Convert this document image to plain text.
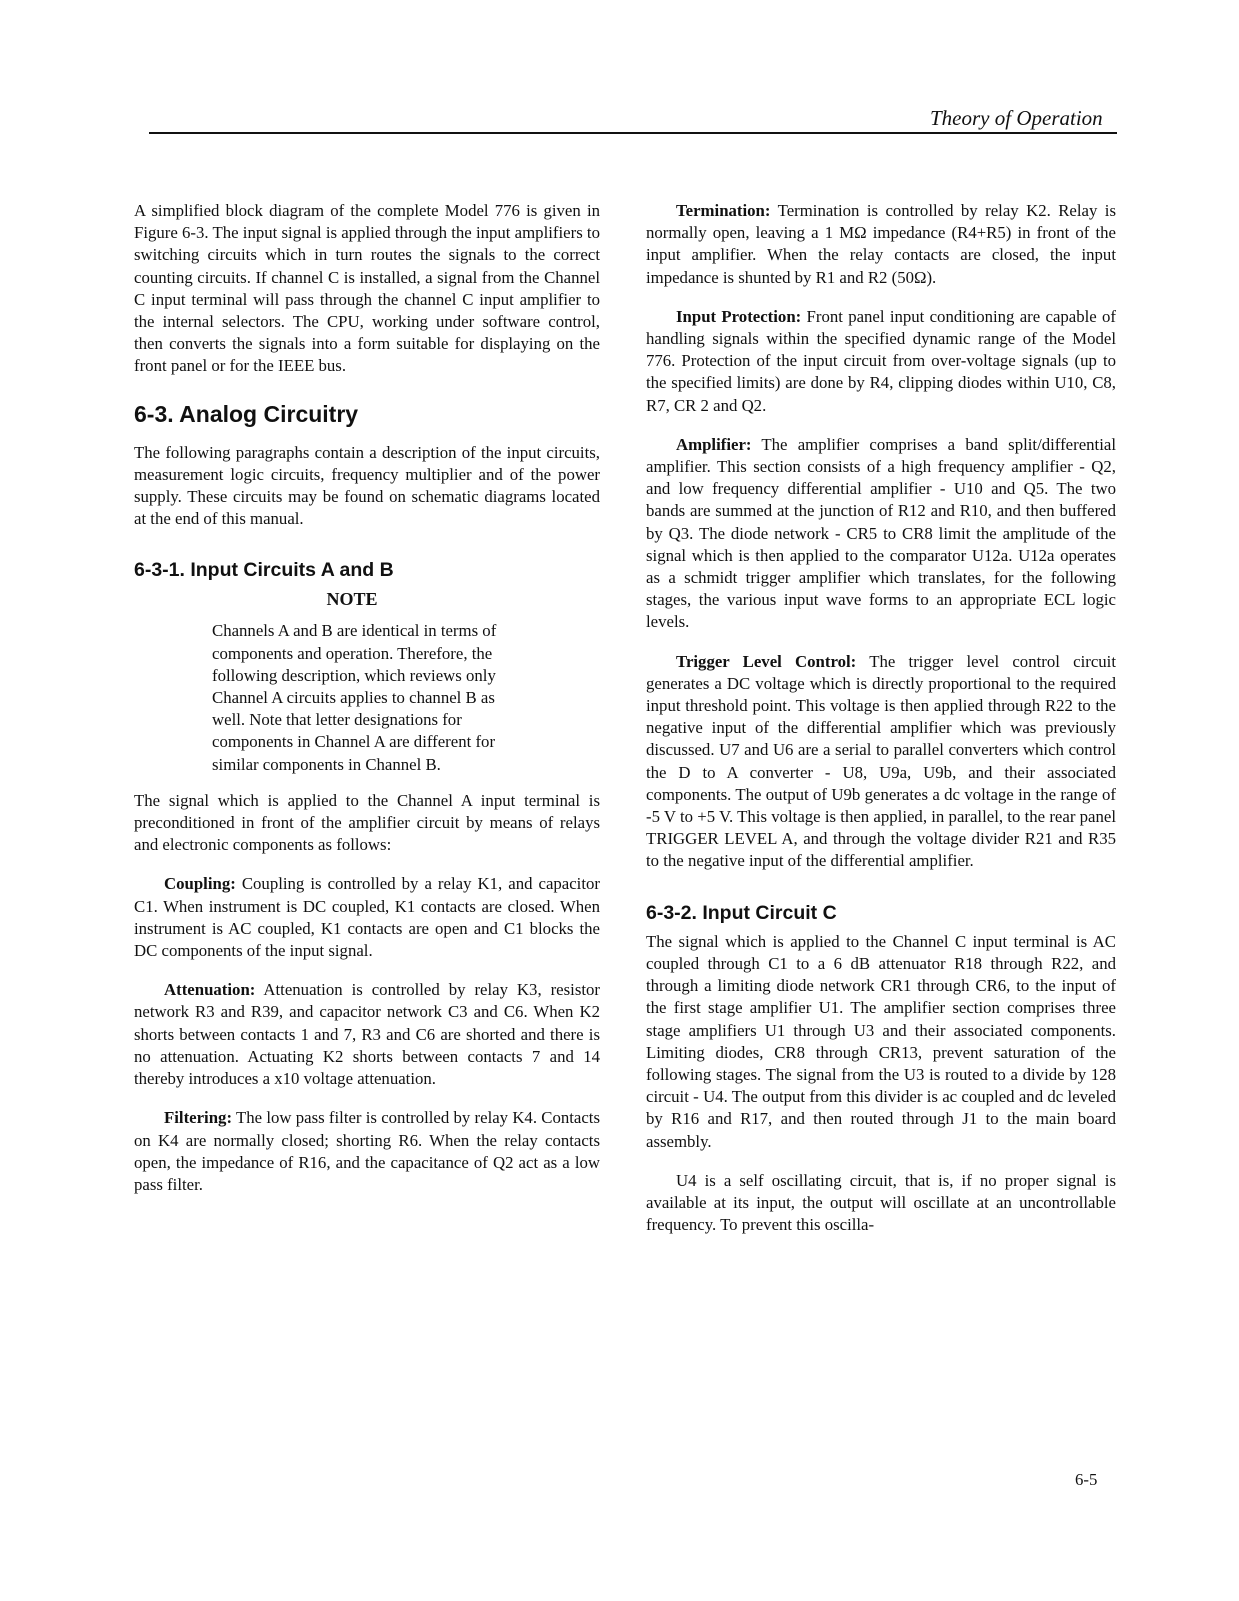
Theory of Operation

A simplified block diagram of the complete Model 776 is given in Figure 6-3. The input signal is applied through the input amplifiers to switching circuits which in turn routes the signals to the correct counting circuits. If channel C is installed, a signal from the Channel C input terminal will pass through the channel C input amplifier to the internal selectors. The CPU, working under software control, then converts the signals into a form suitable for displaying on the front panel or for the IEEE bus.

6-3. Analog Circuitry

The following paragraphs contain a description of the input circuits, measurement logic circuits, frequency multiplier and of the power supply. These circuits may be found on schematic diagrams located at the end of this manual.

6-3-1. Input Circuits A and B
NOTE
Channels A and B are identical in terms of components and operation. Therefore, the following description, which reviews only Channel A circuits applies to channel B as well. Note that letter designations for components in Channel A are different for similar components in Channel B.

The signal which is applied to the Channel A input terminal is preconditioned in front of the amplifier circuit by means of relays and electronic components as follows:

Coupling: Coupling is controlled by a relay K1, and capacitor C1. When instrument is DC coupled, K1 contacts are closed. When instrument is AC coupled, K1 contacts are open and C1 blocks the DC components of the input signal.

Attenuation: Attenuation is controlled by relay K3, resistor network R3 and R39, and capacitor network C3 and C6. When K2 shorts between contacts 1 and 7, R3 and C6 are shorted and there is no attenuation. Actuating K2 shorts between contacts 7 and 14 thereby introduces a x10 voltage attenuation.

Filtering: The low pass filter is controlled by relay K4. Contacts on K4 are normally closed; shorting R6. When the relay contacts open, the impedance of R16, and the capacitance of Q2 act as a low pass filter.

Termination: Termination is controlled by relay K2. Relay is normally open, leaving a 1 MΩ impedance (R4+R5) in front of the input amplifier. When the relay contacts are closed, the input impedance is shunted by R1 and R2 (50Ω).

Input Protection: Front panel input conditioning are capable of handling signals within the specified dynamic range of the Model 776. Protection of the input circuit from over-voltage signals (up to the specified limits) are done by R4, clipping diodes within U10, C8, R7, CR 2 and Q2.

Amplifier: The amplifier comprises a band split/differential amplifier. This section consists of a high frequency amplifier - Q2, and low frequency differential amplifier - U10 and Q5. The two bands are summed at the junction of R12 and R10, and then buffered by Q3. The diode network - CR5 to CR8 limit the amplitude of the signal which is then applied to the comparator U12a. U12a operates as a schmidt trigger amplifier which translates, for the following stages, the various input wave forms to an appropriate ECL logic levels.

Trigger Level Control: The trigger level control circuit generates a DC voltage which is directly proportional to the required input threshold point. This voltage is then applied through R22 to the negative input of the differential amplifier which was previously discussed. U7 and U6 are a serial to parallel converters which control the D to A converter - U8, U9a, U9b, and their associated components. The output of U9b generates a dc voltage in the range of -5 V to +5 V. This voltage is then applied, in parallel, to the rear panel TRIGGER LEVEL A, and through the voltage divider R21 and R35 to the negative input of the differential amplifier.

6-3-2. Input Circuit C

The signal which is applied to the Channel C input terminal is AC coupled through C1 to a 6 dB attenuator R18 through R22, and through a limiting diode network CR1 through CR6, to the input of the first stage amplifier U1. The amplifier section comprises three stage amplifiers U1 through U3 and their associated components. Limiting diodes, CR8 through CR13, prevent saturation of the following stages. The signal from the U3 is routed to a divide by 128 circuit - U4. The output from this divider is ac coupled and dc leveled by R16 and R17, and then routed through J1 to the main board assembly.

U4 is a self oscillating circuit, that is, if no proper signal is available at its input, the output will oscillate at an uncontrollable frequency. To prevent this oscilla-

6-5
